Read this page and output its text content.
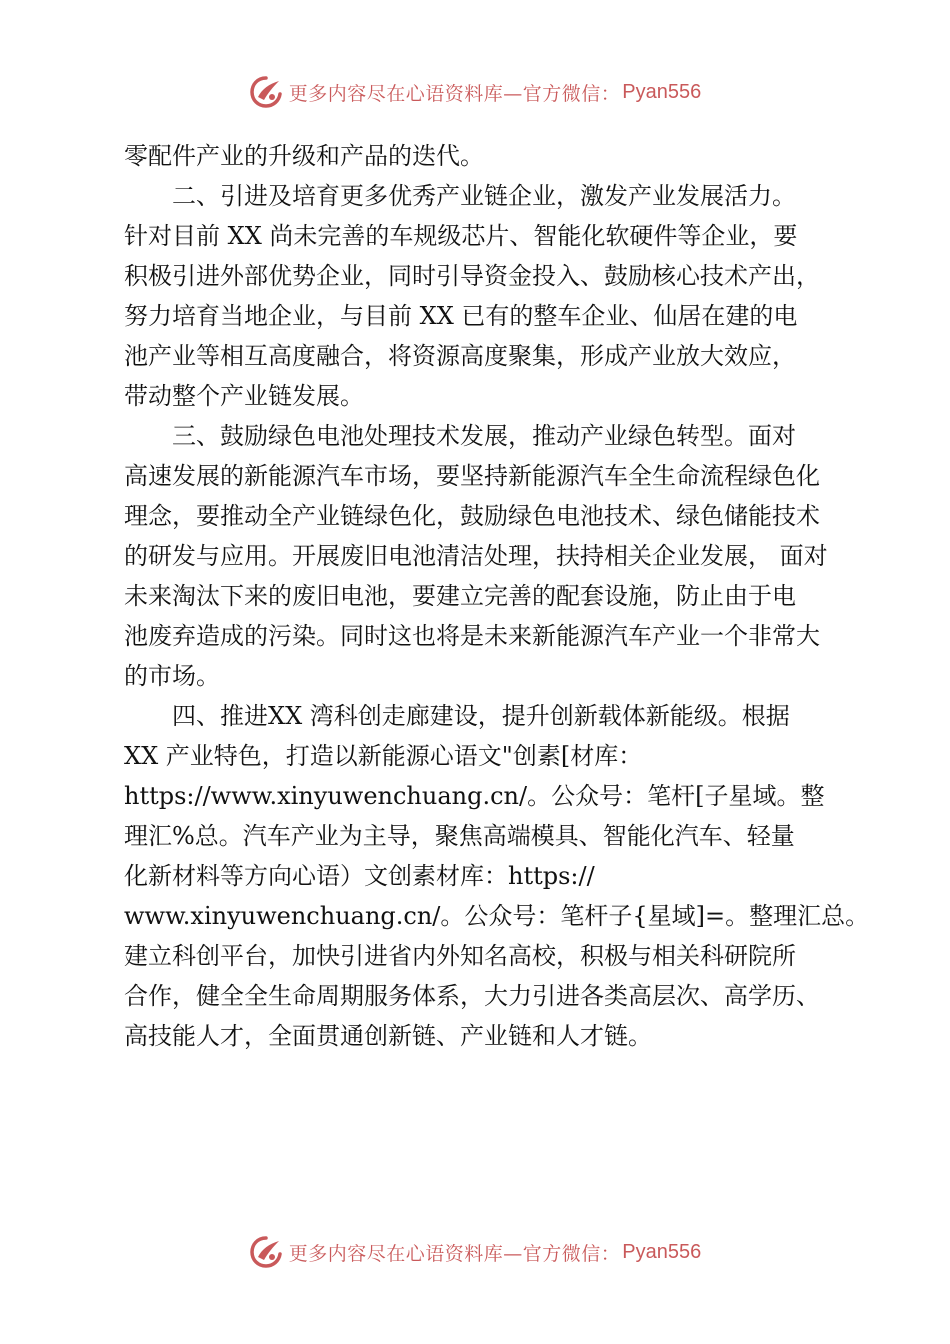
更多内容尽在心语资料库—官方微信： Pyan556
零配件产业的升级和产品的迭代。
二、引进及培育更多优秀产业链企业，激发产业发展活力。
针对目前 XX 尚未完善的车规级芯片、智能化软硬件等企业，要
积极引进外部优势企业，同时引导资金投入、鼓励核心技术产出，
努力培育当地企业，与目前 XX 已有的整车企业、仙居在建的电
池产业等相互高度融合，将资源高度聚集，形成产业放大效应，
带动整个产业链发展。
三、鼓励绿色电池处理技术发展，推动产业绿色转型。面对
高速发展的新能源汽车市场，要坚持新能源汽车全生命流程绿色化
理念，要推动全产业链绿色化，鼓励绿色电池技术、绿色储能技术
的研发与应用。开展废旧电池清洁处理，扶持相关企业发展， 面对
未来淘汰下来的废旧电池，要建立完善的配套设施，防止由于电
池废弃造成的污染。同时这也将是未来新能源汽车产业一个非常大
的市场。
四、推进XX 湾科创走廊建设，提升创新载体新能级。根据
XX 产业特色，打造以新能源心语文"创素[材库：
https://www.xinyuwenchuang.cn/。公众号：笔杆[子星域。整
理汇%总。汽车产业为主导，聚焦高端模具、智能化汽车、轻量
化新材料等方向心语）文创素材库：https://
www.xinyuwenchuang.cn/。公众号：笔杆子{星域]=。整理汇总。
建立科创平台，加快引进省内外知名高校，积极与相关科研院所
合作，健全全生命周期服务体系，大力引进各类高层次、高学历、
高技能人才，全面贯通创新链、产业链和人才链。
更多内容尽在心语资料库—官方微信： Pyan556
